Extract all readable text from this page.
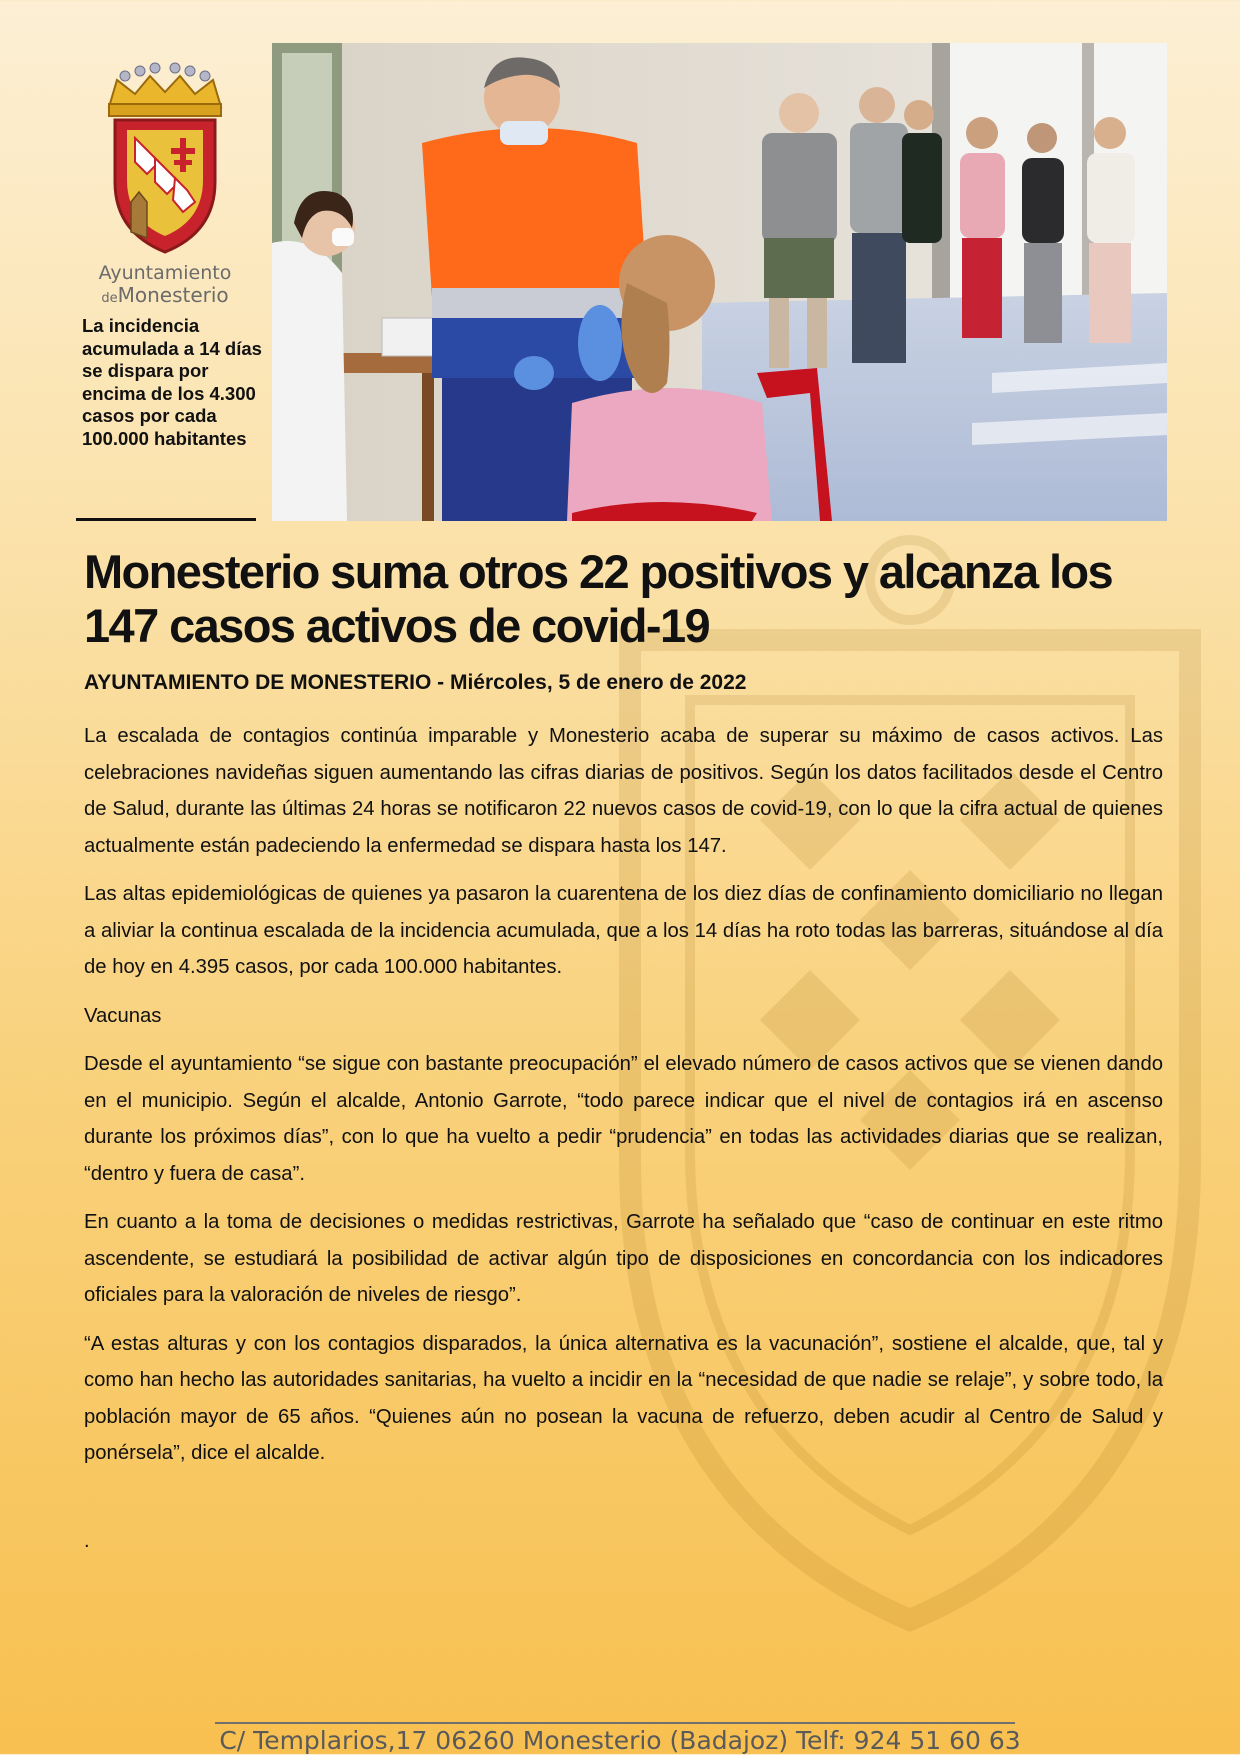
Ayuntamiento
deMonesterio

La incidencia acumulada a 14 días se dispara por encima de los 4.300 casos por cada 100.000 habitantes

Monesterio suma otros 22 positivos y alcanza los 147 casos activos de covid-19

AYUNTAMIENTO DE MONESTERIO - Miércoles, 5 de enero de 2022

La escalada de contagios continúa imparable y Monesterio acaba de superar su máximo de casos activos. Las celebraciones navideñas siguen aumentando las cifras diarias de positivos. Según los datos facilitados desde el Centro de Salud, durante las últimas 24 horas se notificaron 22 nuevos casos de covid-19, con lo que la cifra actual de quienes actualmente están padeciendo la enfermedad se dispara hasta los 147.

Las altas epidemiológicas de quienes ya pasaron la cuarentena de los diez días de confinamiento domiciliario no llegan a aliviar la continua escalada de la incidencia acumulada, que a los 14 días ha roto todas las barreras, situándose al día de hoy en 4.395 casos, por cada 100.000 habitantes.

Vacunas

Desde el ayuntamiento “se sigue con bastante preocupación” el elevado número de casos activos que se vienen dando en el municipio. Según el alcalde, Antonio Garrote, “todo parece indicar que el nivel de contagios irá en ascenso durante los próximos días”, con lo que ha vuelto a pedir “prudencia” en todas las actividades diarias que se realizan, “dentro y fuera de casa”.

En cuanto a la toma de decisiones o medidas restrictivas, Garrote ha señalado que “caso de continuar en este ritmo ascendente, se estudiará la posibilidad de activar algún tipo de disposiciones en concordancia con los indicadores oficiales para la valoración de niveles de riesgo”.

“A estas alturas y con los contagios disparados, la única alternativa es la vacunación”, sostiene el alcalde, que, tal y como han hecho las autoridades sanitarias, ha vuelto a incidir en la “necesidad de que nadie se relaje”, y sobre todo, la población mayor de 65 años. “Quienes aún no posean la vacuna de refuerzo, deben acudir al Centro de Salud y ponérsela”, dice el alcalde.

.

C/ Templarios,17 06260 Monesterio (Badajoz) Telf: 924 51 60 63
